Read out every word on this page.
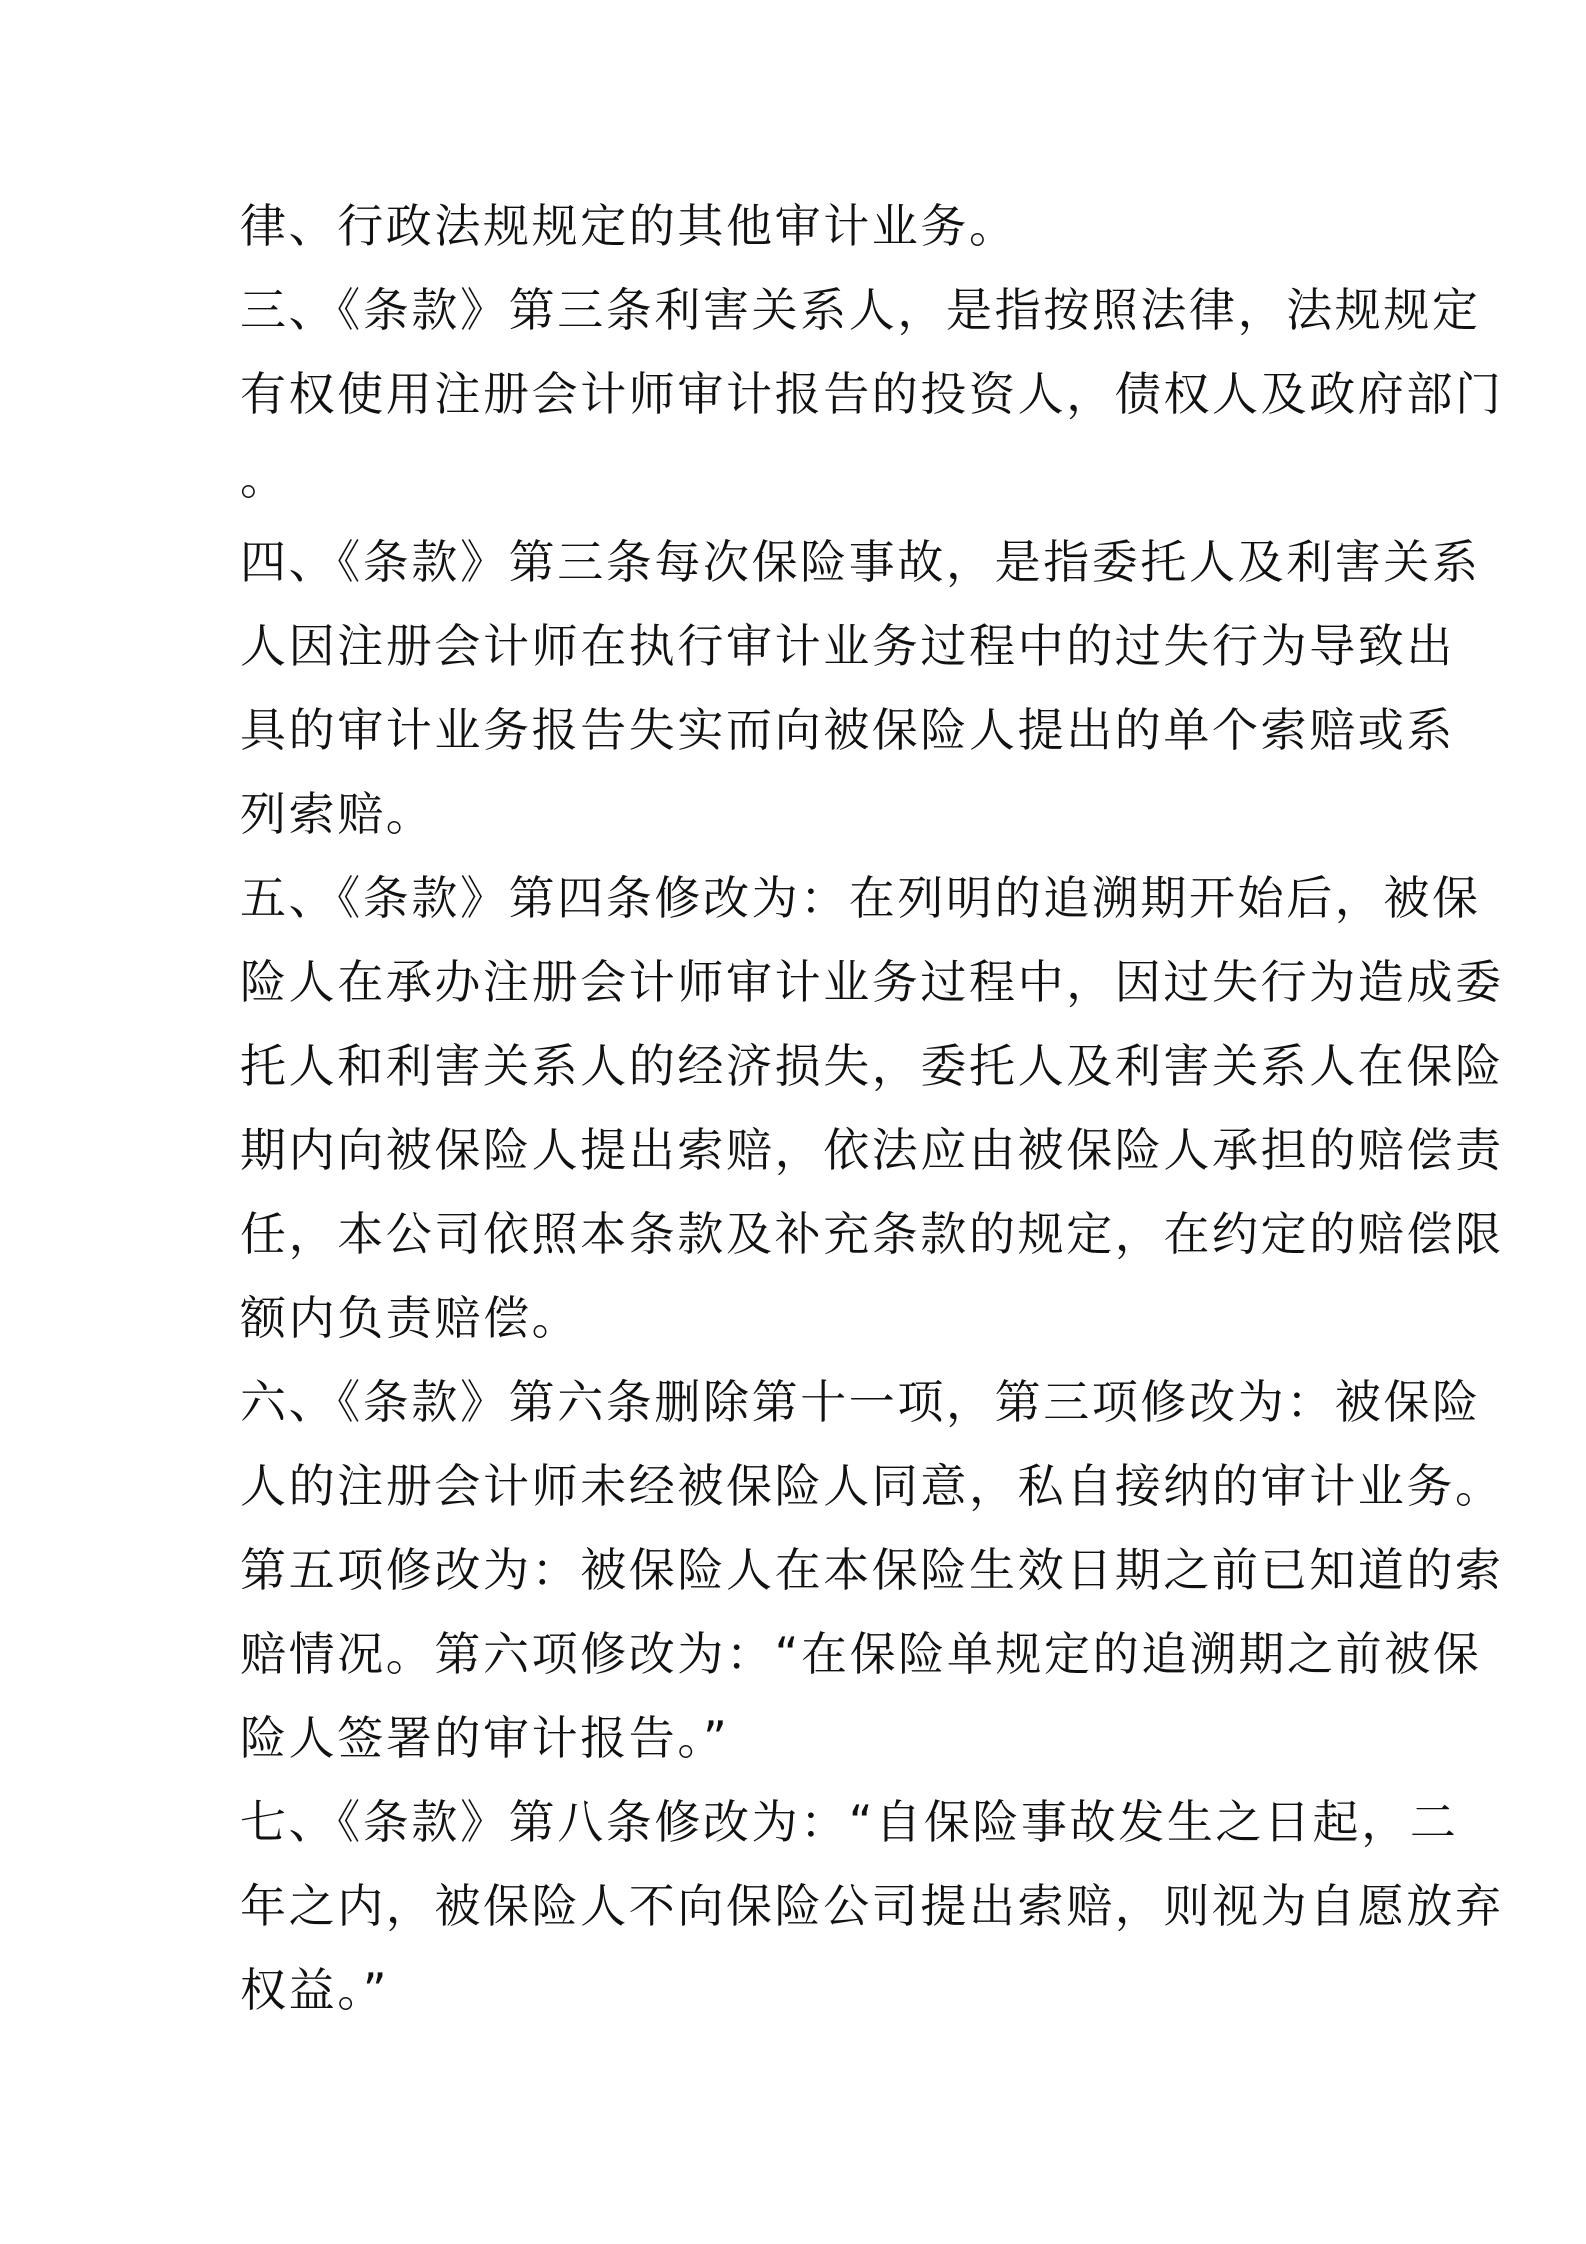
律、行政法规规定的其他审计业务。

三、《条款》第三条利害关系人，是指按照法律，法规规定

有权使用注册会计师审计报告的投资人，债权人及政府部门

。

四、《条款》第三条每次保险事故，是指委托人及利害关系

人因注册会计师在执行审计业务过程中的过失行为导致出

具的审计业务报告失实而向被保险人提出的单个索赔或系

列索赔。

五、《条款》第四条修改为：在列明的追溯期开始后，被保

险人在承办注册会计师审计业务过程中，因过失行为造成委

托人和利害关系人的经济损失，委托人及利害关系人在保险

期内向被保险人提出索赔，依法应由被保险人承担的赔偿责

任，本公司依照本条款及补充条款的规定，在约定的赔偿限

额内负责赔偿。

六、《条款》第六条删除第十一项，第三项修改为：被保险

人的注册会计师未经被保险人同意，私自接纳的审计业务。

第五项修改为：被保险人在本保险生效日期之前已知道的索

赔情况。第六项修改为：“在保险单规定的追溯期之前被保

险人签署的审计报告。”

七、《条款》第八条修改为：“自保险事故发生之日起，二

年之内，被保险人不向保险公司提出索赔，则视为自愿放弃

权益。”
